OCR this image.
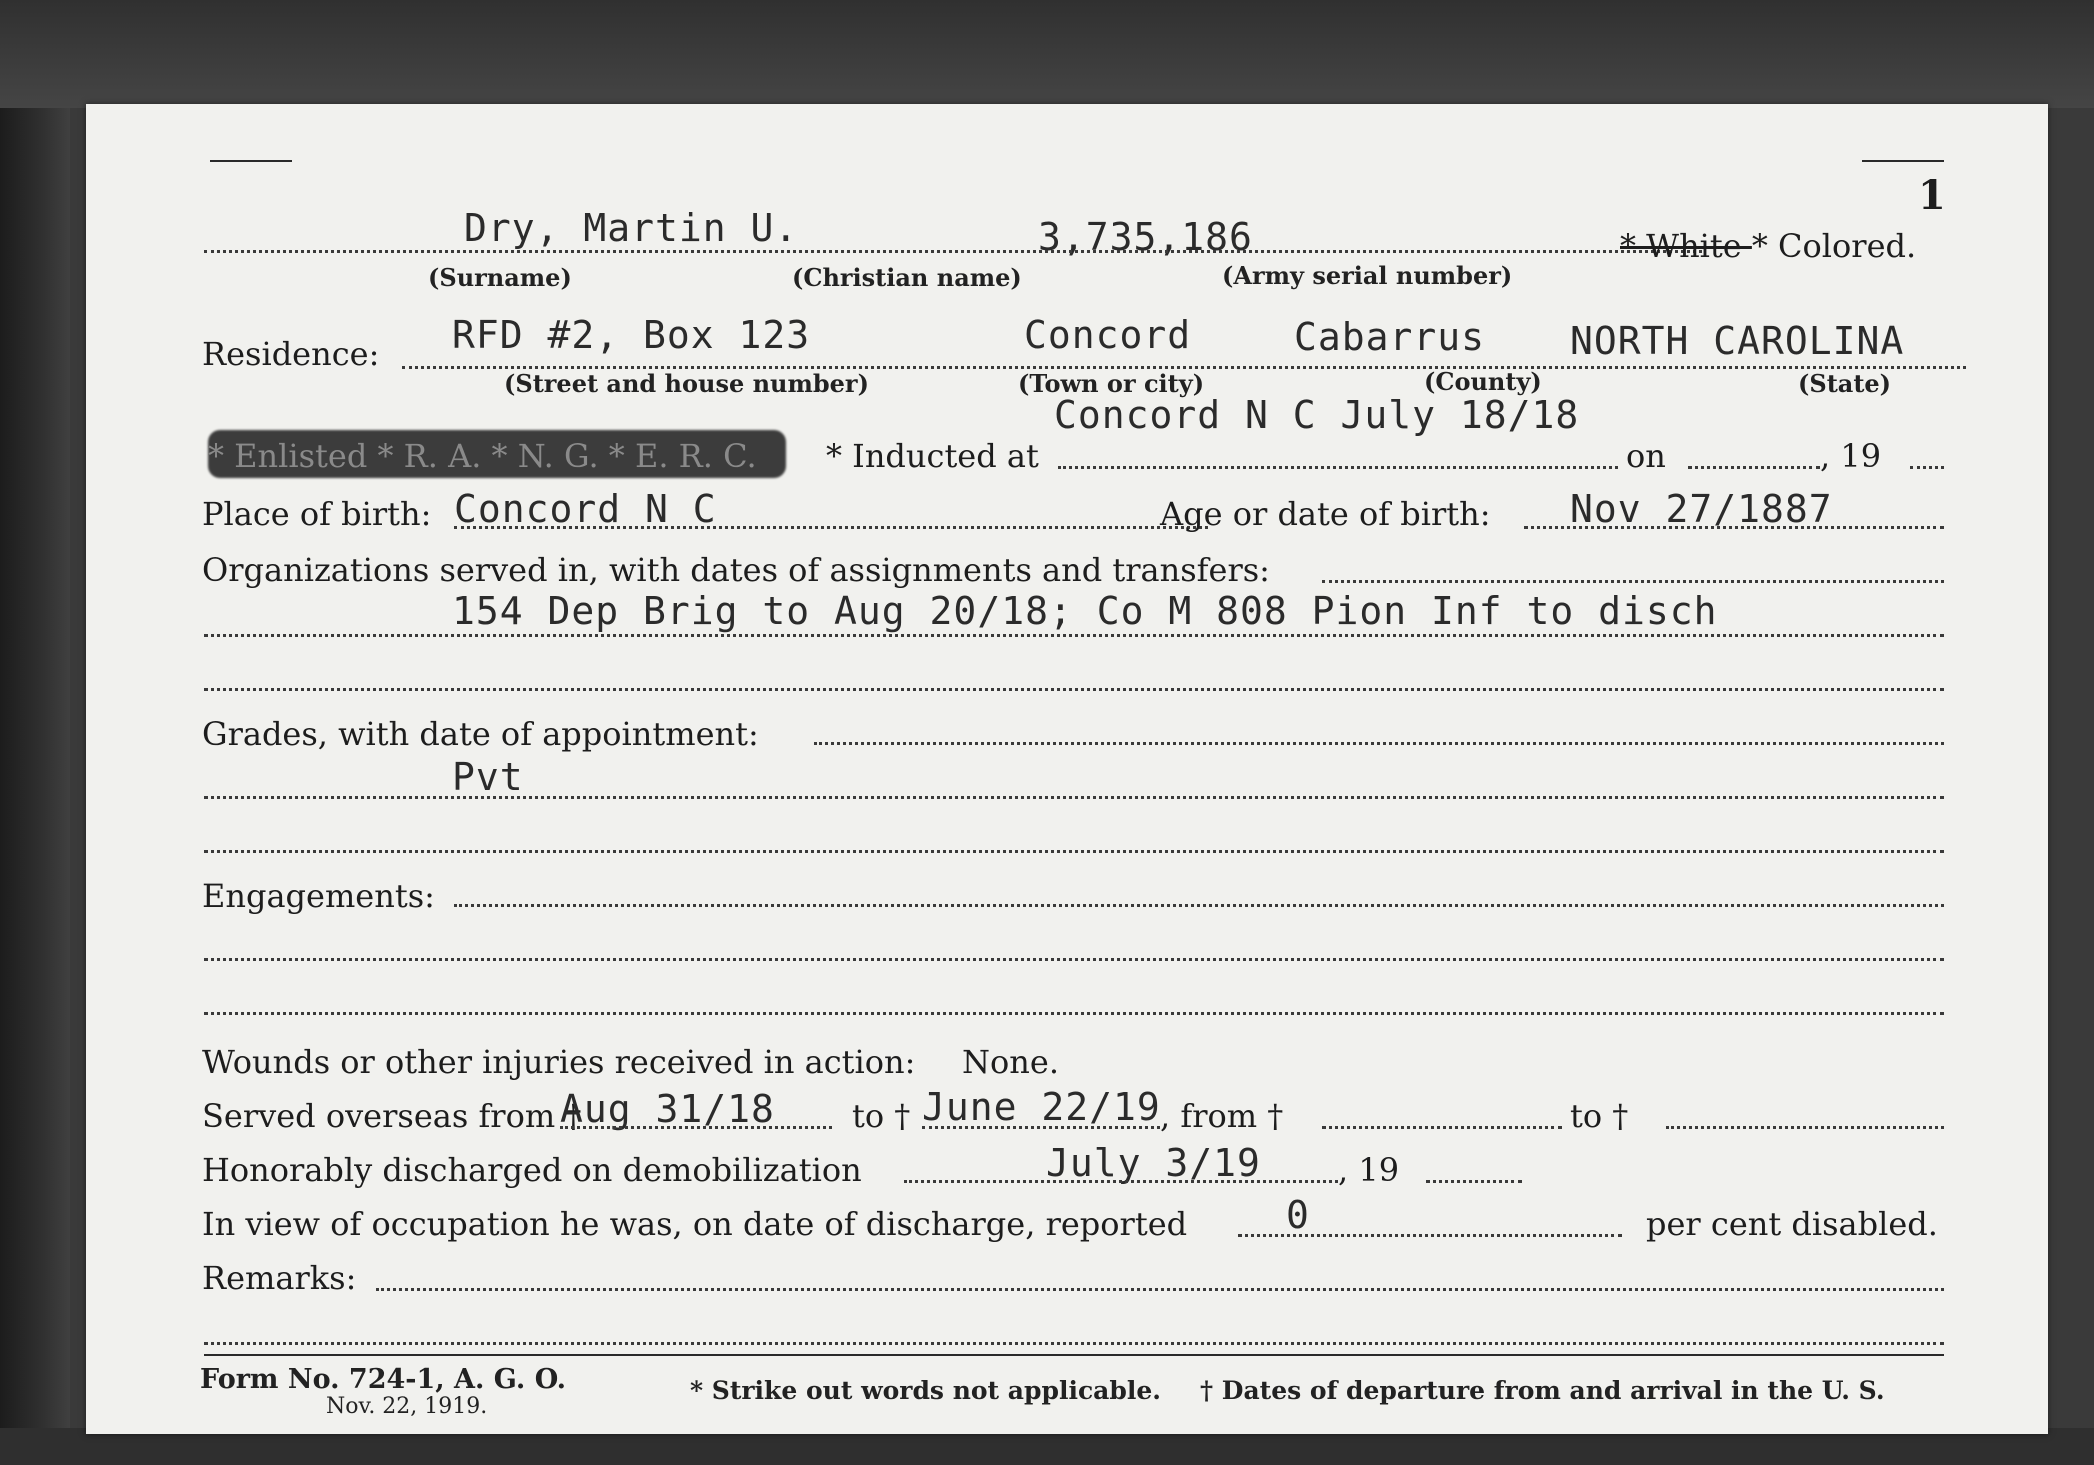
1
Dry, Martin U.	3,735,186	* White * Colored.
(Surname)	(Christian name)	(Army serial number)
Residence: RFD #2, Box 123	Concord	Cabarrus NORTH CAROLINA
(Street and house number)	(Town or city)	(County)	(State)
Concord N C July 18/18
* Enlisted * R. A. * N. G. * E. R. C. * Inducted at	on	, 19
Place of birth: Concord N C	Age or date of birth: Nov 27/1887
Organizations served in, with dates of assignments and transfers:
154 Dep Brig to Aug 20/18; Co M 808 Pion Inf to disch
Grades, with date of appointment:
Pvt
Engagements:
Wounds or other injuries received in action: None.
Served overseas from †
Aug 31/18 to † June 22/19 , from †	to †
Honorably discharged on demobilization	July 3/19 , 19
In view of occupation he was, on date of discharge, reported	0	per cent disabled.
Remarks:
Form No. 724-1, A. G. O.
Nov. 22, 1919.
* Strike out words not applicable. † Dates of departure from and arrival in the U. S.
